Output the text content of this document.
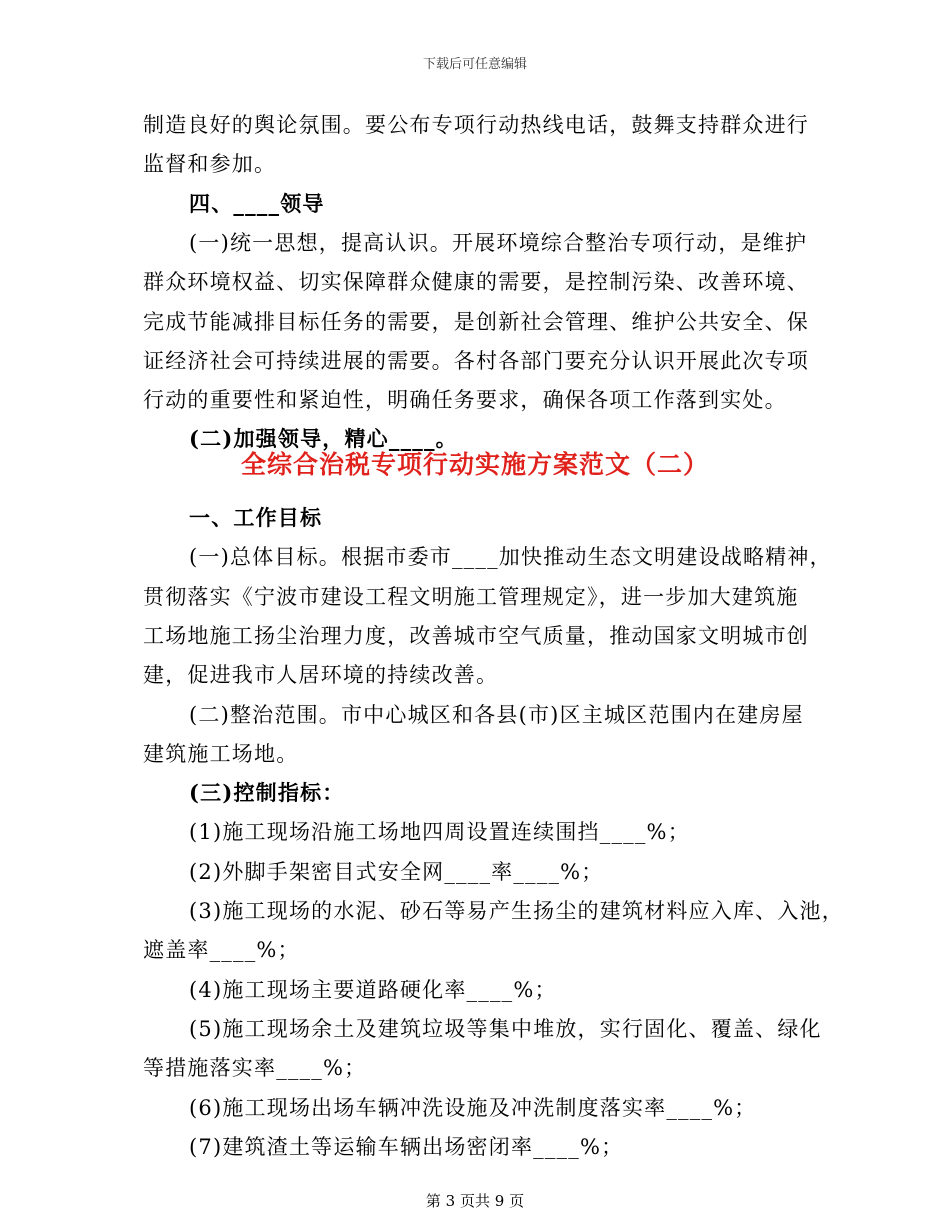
下载后可任意编辑
制造良好的舆论氛围。要公布专项行动热线电话，鼓舞支持群众进行
监督和参加。
四、____领导
(一)统一思想，提高认识。开展环境综合整治专项行动，是维护
群众环境权益、切实保障群众健康的需要，是控制污染、改善环境、
完成节能减排目标任务的需要，是创新社会管理、维护公共安全、保
证经济社会可持续进展的需要。各村各部门要充分认识开展此次专项
行动的重要性和紧迫性，明确任务要求，确保各项工作落到实处。
(二)加强领导，精心____。
全综合治税专项行动实施方案范文（二）
一、工作目标
(一)总体目标。根据市委市____加快推动生态文明建设战略精神，
贯彻落实《宁波市建设工程文明施工管理规定》，进一步加大建筑施
工场地施工扬尘治理力度，改善城市空气质量，推动国家文明城市创
建，促进我市人居环境的持续改善。
(二)整治范围。市中心城区和各县(市)区主城区范围内在建房屋
建筑施工场地。
(三)控制指标：
(1)施工现场沿施工场地四周设置连续围挡____%；
(2)外脚手架密目式安全网____率____%；
(3)施工现场的水泥、砂石等易产生扬尘的建筑材料应入库、入池，
遮盖率____%；
(4)施工现场主要道路硬化率____%；
(5)施工现场余土及建筑垃圾等集中堆放，实行固化、覆盖、绿化
等措施落实率____%；
(6)施工现场出场车辆冲洗设施及冲洗制度落实率____%；
(7)建筑渣土等运输车辆出场密闭率____%；
第 3 页共 9 页
